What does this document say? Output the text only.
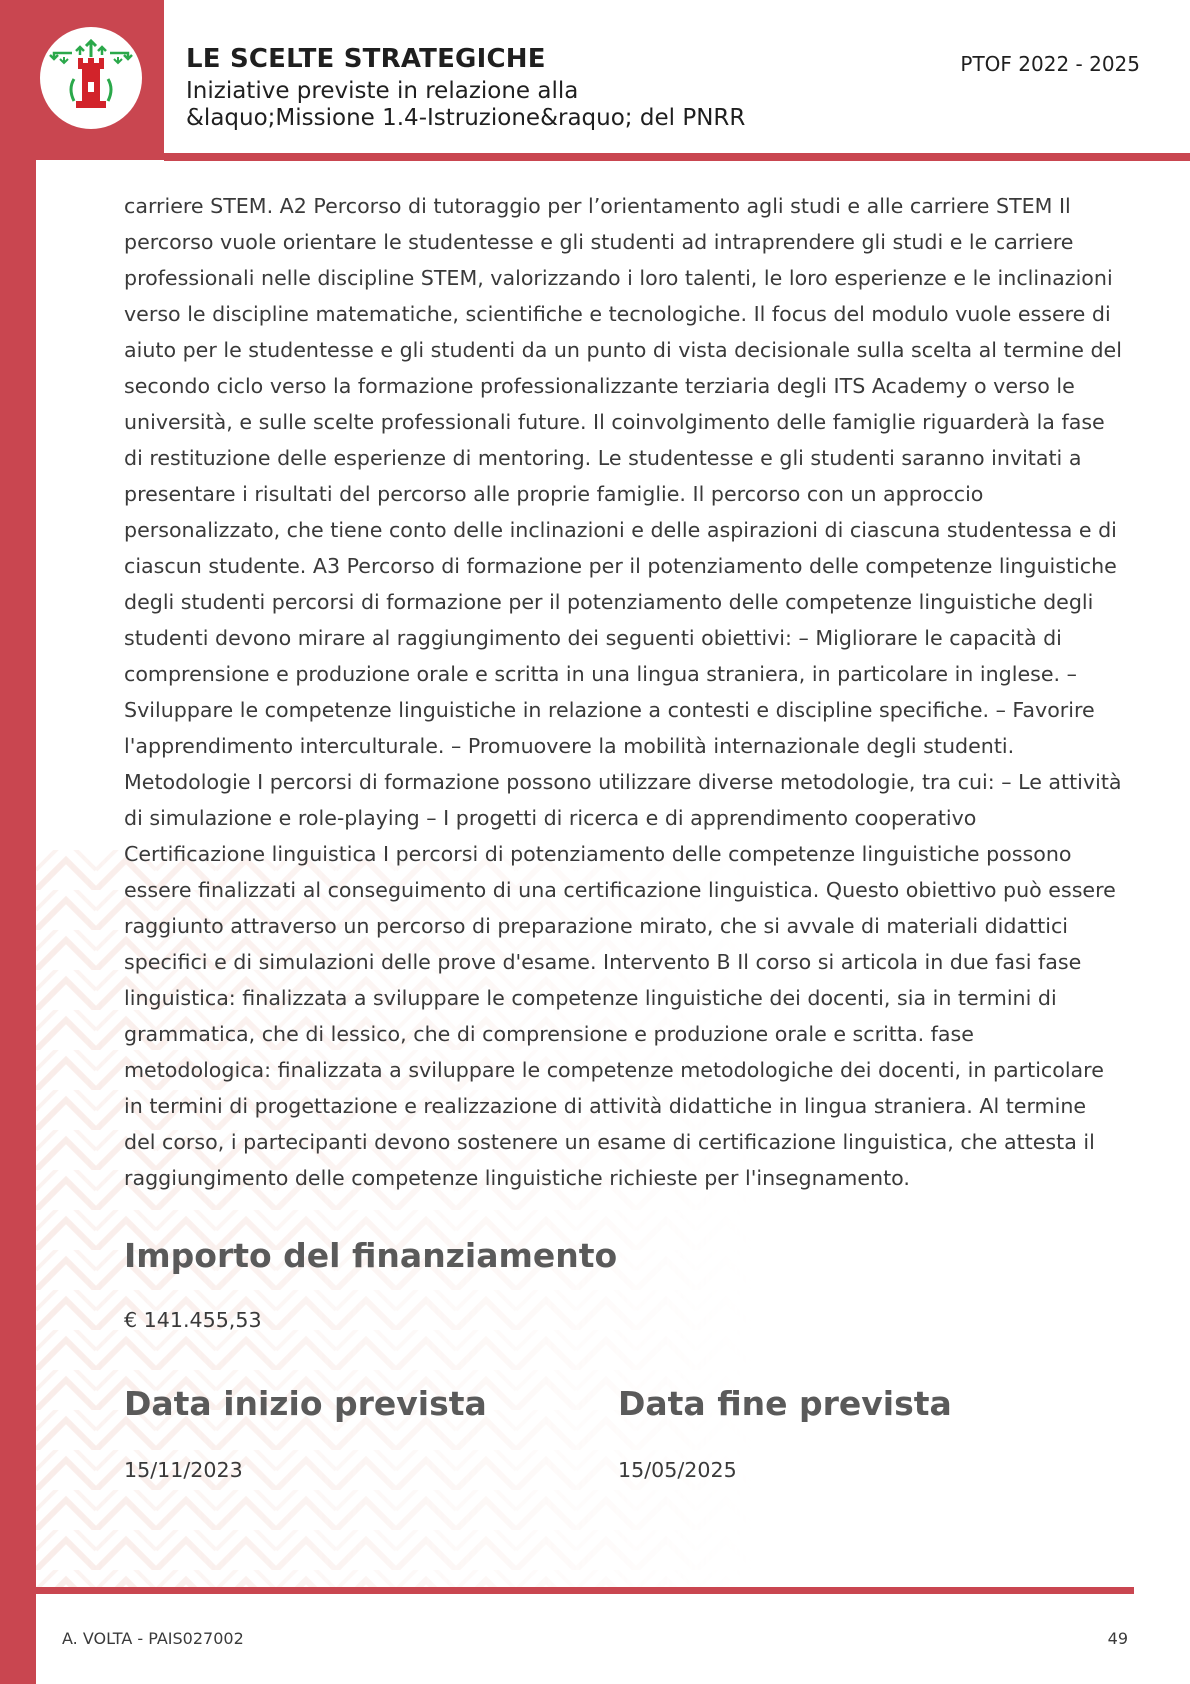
LE SCELTE STRATEGICHE
Iniziative previste in relazione alla
&laquo;Missione 1.4-Istruzione&raquo; del PNRR
PTOF 2022 - 2025

carriere STEM. A2 Percorso di tutoraggio per l’orientamento agli studi e alle carriere STEM Il percorso vuole orientare le studentesse e gli studenti ad intraprendere gli studi e le carriere professionali nelle discipline STEM, valorizzando i loro talenti, le loro esperienze e le inclinazioni verso le discipline matematiche, scientifiche e tecnologiche. Il focus del modulo vuole essere di aiuto per le studentesse e gli studenti da un punto di vista decisionale sulla scelta al termine del secondo ciclo verso la formazione professionalizzante terziaria degli ITS Academy o verso le università, e sulle scelte professionali future. Il coinvolgimento delle famiglie riguarderà la fase di restituzione delle esperienze di mentoring. Le studentesse e gli studenti saranno invitati a presentare i risultati del percorso alle proprie famiglie. Il percorso con un approccio personalizzato, che tiene conto delle inclinazioni e delle aspirazioni di ciascuna studentessa e di ciascun studente. A3 Percorso di formazione per il potenziamento delle competenze linguistiche degli studenti percorsi di formazione per il potenziamento delle competenze linguistiche degli studenti devono mirare al raggiungimento dei seguenti obiettivi: – Migliorare le capacità di comprensione e produzione orale e scritta in una lingua straniera, in particolare in inglese. – Sviluppare le competenze linguistiche in relazione a contesti e discipline specifiche. – Favorire l'apprendimento interculturale. – Promuovere la mobilità internazionale degli studenti. Metodologie I percorsi di formazione possono utilizzare diverse metodologie, tra cui: – Le attività di simulazione e role-playing – I progetti di ricerca e di apprendimento cooperativo Certificazione linguistica I percorsi di potenziamento delle competenze linguistiche possono essere finalizzati al conseguimento di una certificazione linguistica. Questo obiettivo può essere raggiunto attraverso un percorso di preparazione mirato, che si avvale di materiali didattici specifici e di simulazioni delle prove d'esame. Intervento B Il corso si articola in due fasi fase linguistica: finalizzata a sviluppare le competenze linguistiche dei docenti, sia in termini di grammatica, che di lessico, che di comprensione e produzione orale e scritta. fase metodologica: finalizzata a sviluppare le competenze metodologiche dei docenti, in particolare in termini di progettazione e realizzazione di attività didattiche in lingua straniera. Al termine del corso, i partecipanti devono sostenere un esame di certificazione linguistica, che attesta il raggiungimento delle competenze linguistiche richieste per l'insegnamento.

Importo del finanziamento
€ 141.455,53
Data inizio prevista
15/11/2023
Data fine prevista
15/05/2025
A. VOLTA - PAIS027002	49
